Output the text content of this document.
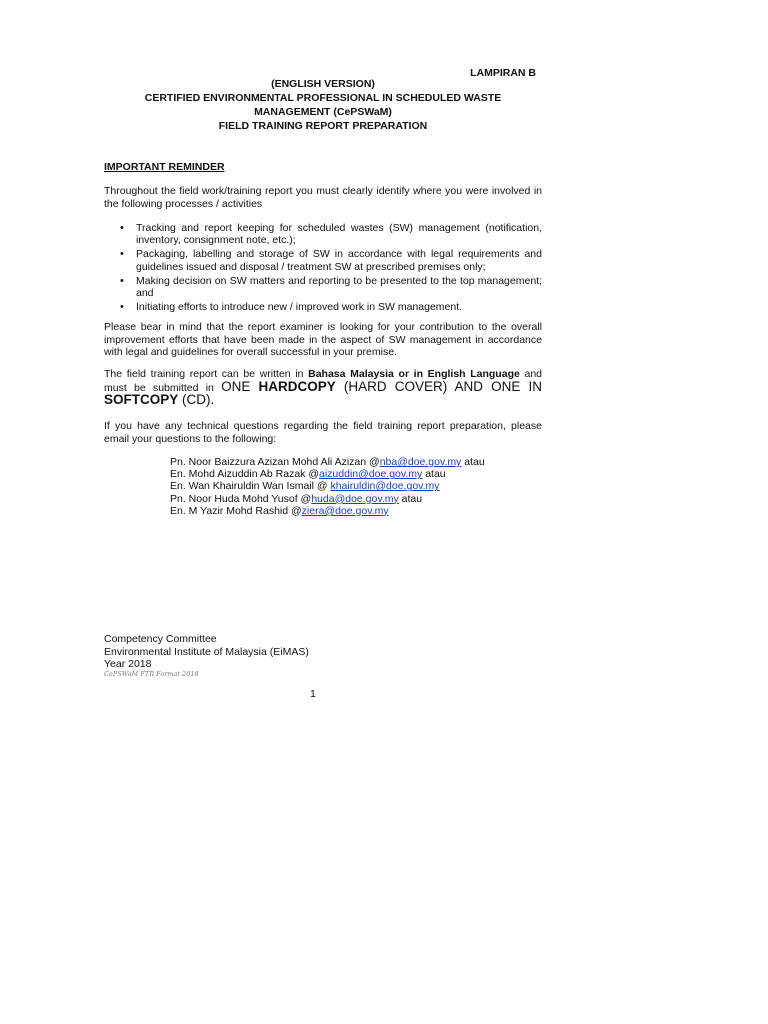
LAMPIRAN B
(ENGLISH VERSION)
CERTIFIED ENVIRONMENTAL PROFESSIONAL IN SCHEDULED WASTE
MANAGEMENT (CePSWaM)
FIELD TRAINING REPORT PREPARATION
IMPORTANT REMINDER
Throughout the field work/training report you must clearly identify where you were involved in the following processes / activities
• Tracking and report keeping for scheduled wastes (SW) management (notification, inventory, consignment note, etc.);
• Packaging, labelling and storage of SW in accordance with legal requirements and guidelines issued and disposal / treatment SW at prescribed premises only;
• Making decision on SW matters and reporting to be presented to the top management; and
• Initiating efforts to introduce new / improved work in SW management.
Please bear in mind that the report examiner is looking for your contribution to the overall improvement efforts that have been made in the aspect of SW management in accordance with legal and guidelines for overall successful in your premise.
The field training report can be written in Bahasa Malaysia or in English Language and must be submitted in ONE HARDCOPY (HARD COVER) AND ONE IN SOFTCOPY (CD).
If you have any technical questions regarding the field training report preparation, please email your questions to the following:
Pn. Noor Baizzura Azizan Mohd Ali Azizan @nba@doe.gov.my atau
En. Mohd Aizuddin Ab Razak @aizuddin@doe.gov.my atau
En. Wan Khairuldin Wan Ismail @ khairuldin@doe.gov.my
Pn. Noor Huda Mohd Yusof @huda@doe.gov.my atau
En. M Yazir Mohd Rashid @ziera@doe.gov.my
Competency Committee
Environmental Institute of Malaysia (EiMAS)
Year 2018
CePSWaM FTR Format 2018
1
